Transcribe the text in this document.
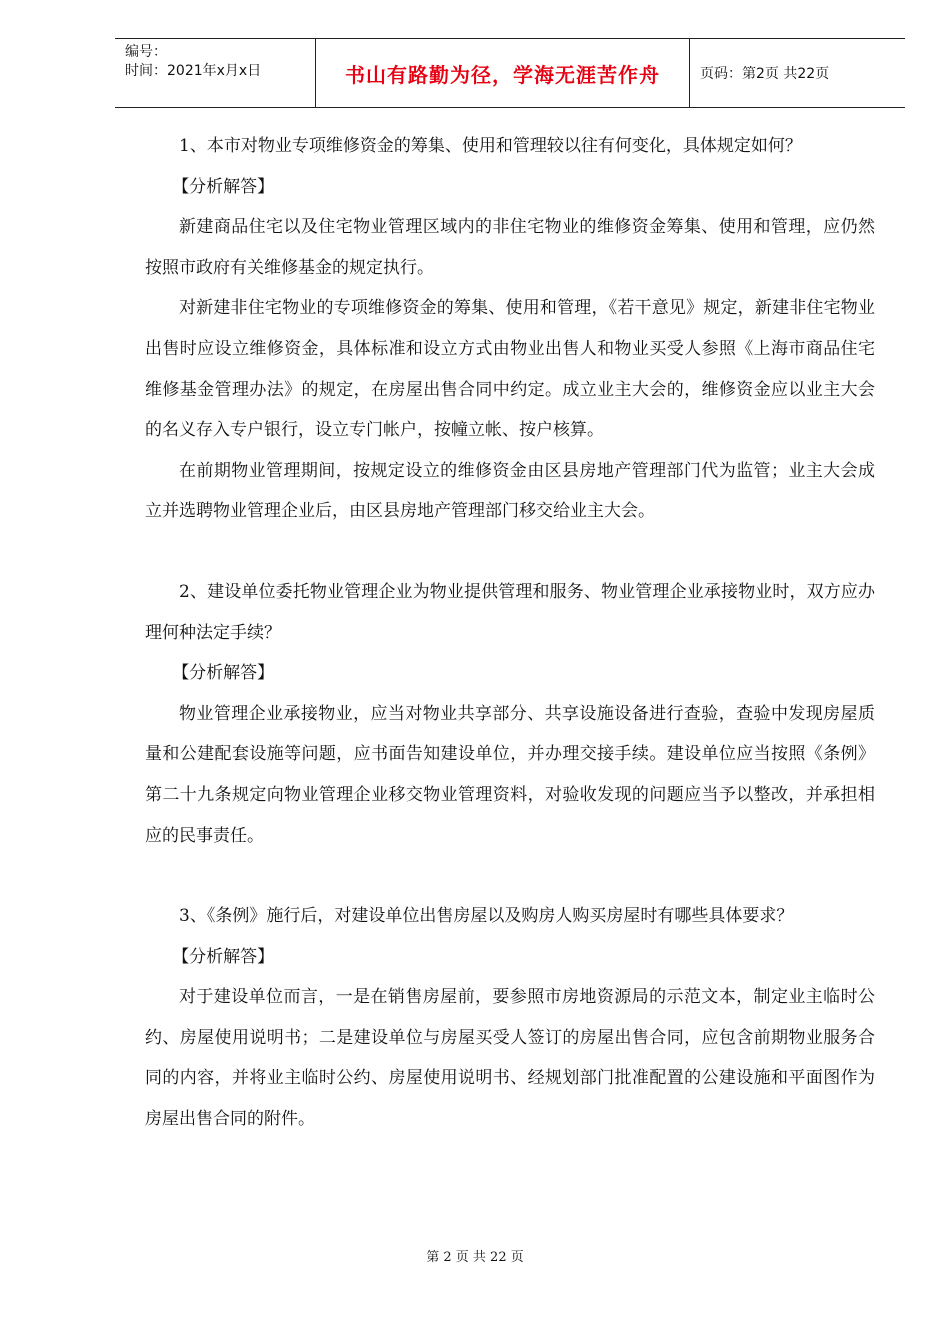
编号：
时间：2021年x月x日	书山有路勤为径，学海无涯苦作舟	页码：第2页 共22页

1、本市对物业专项维修资金的筹集、使用和管理较以往有何变化，具体规定如何？

【分析解答】

新建商品住宅以及住宅物业管理区域内的非住宅物业的维修资金筹集、使用和管理，应仍然按照市政府有关维修基金的规定执行。

对新建非住宅物业的专项维修资金的筹集、使用和管理，《若干意见》规定，新建非住宅物业出售时应设立维修资金，具体标准和设立方式由物业出售人和物业买受人参照《上海市商品住宅维修基金管理办法》的规定，在房屋出售合同中约定。成立业主大会的，维修资金应以业主大会的名义存入专户银行，设立专门帐户，按幢立帐、按户核算。

在前期物业管理期间，按规定设立的维修资金由区县房地产管理部门代为监管；业主大会成立并选聘物业管理企业后，由区县房地产管理部门移交给业主大会。

2、建设单位委托物业管理企业为物业提供管理和服务、物业管理企业承接物业时，双方应办理何种法定手续？

【分析解答】

物业管理企业承接物业，应当对物业共享部分、共享设施设备进行查验，查验中发现房屋质量和公建配套设施等问题，应书面告知建设单位，并办理交接手续。建设单位应当按照《条例》第二十九条规定向物业管理企业移交物业管理资料，对验收发现的问题应当予以整改，并承担相应的民事责任。

3、《条例》施行后，对建设单位出售房屋以及购房人购买房屋时有哪些具体要求？

【分析解答】

对于建设单位而言，一是在销售房屋前，要参照市房地资源局的示范文本，制定业主临时公约、房屋使用说明书；二是建设单位与房屋买受人签订的房屋出售合同，应包含前期物业服务合同的内容，并将业主临时公约、房屋使用说明书、经规划部门批准配置的公建设施和平面图作为房屋出售合同的附件。

第 2 页 共 22 页
